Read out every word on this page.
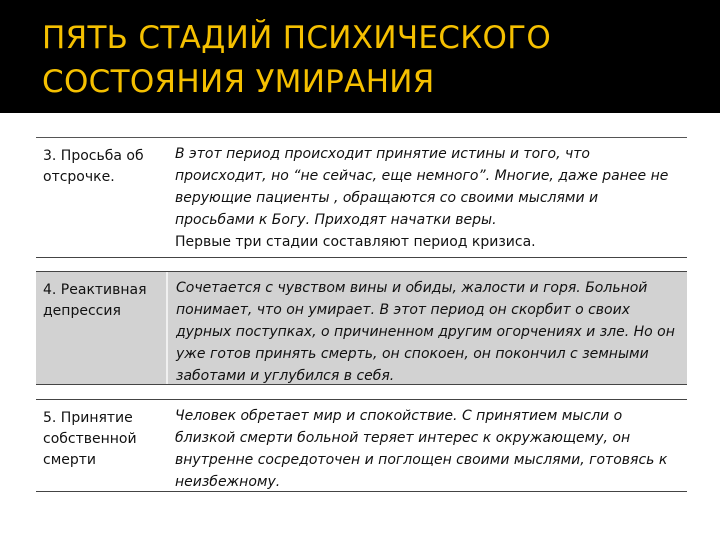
ПЯТЬ СТАДИЙ ПСИХИЧЕСКОГО
СОСТОЯНИЯ УМИРАНИЯ
3. Просьба об отсрочке.
В этот период происходит принятие истины и того, что происходит, но “не сейчас, еще немного”. Многие, даже ранее не верующие пациенты , обращаются со своими мыслями и просьбами к Богу. Приходят начатки веры.
Первые три стадии составляют период кризиса.
4. Реактивная депрессия
Сочетается с чувством вины и обиды, жалости и горя. Больной понимает, что он умирает. В этот период он скорбит о своих дурных поступках, о причиненном другим огорчениях и зле. Но он уже готов принять смерть, он спокоен, он покончил с земными заботами и углубился в себя.
5. Принятие собственной смерти
Человек обретает мир и спокойствие. С принятием мысли о близкой смерти больной теряет интерес к окружающему, он внутренне сосредоточен и поглощен своими мыслями, готовясь к неизбежному.
